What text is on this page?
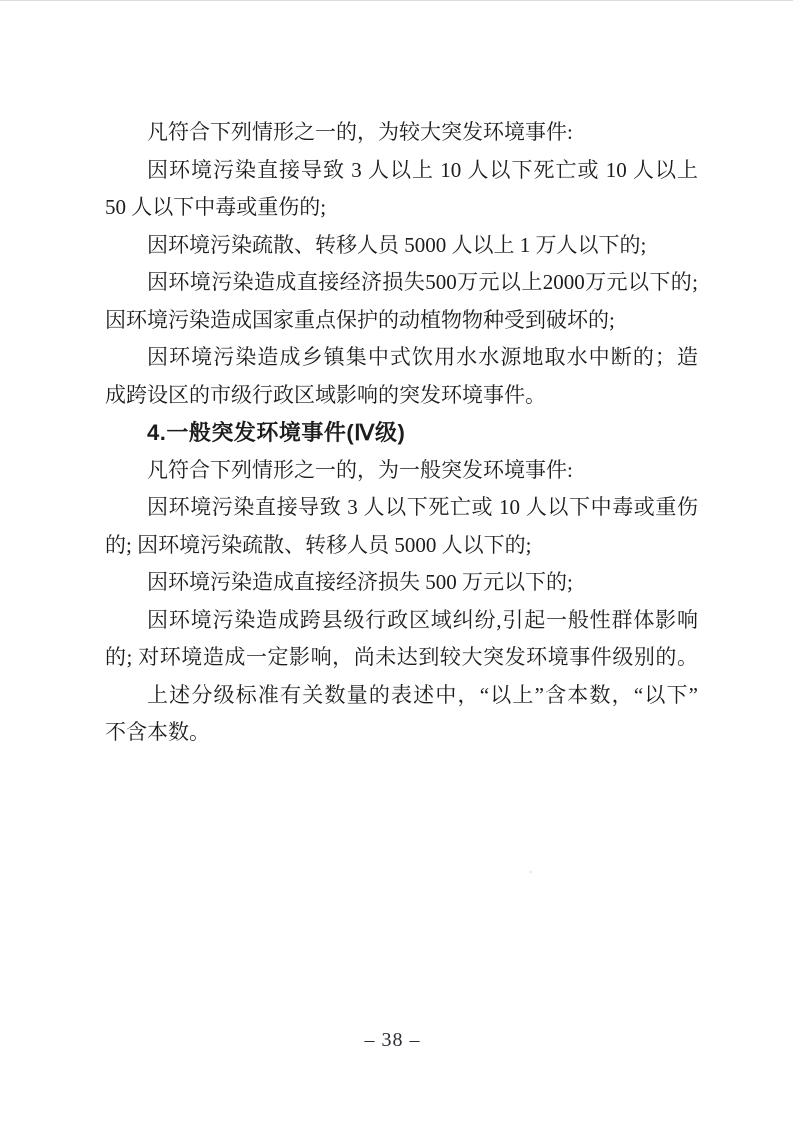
凡符合下列情形之一的，为较大突发环境事件:
因环境污染直接导致 3 人以上 10 人以下死亡或 10 人以上
50 人以下中毒或重伤的;
因环境污染疏散、转移人员 5000 人以上 1 万人以下的;
因环境污染造成直接经济损失500万元以上2000万元以下的;
因环境污染造成国家重点保护的动植物物种受到破坏的;
因环境污染造成乡镇集中式饮用水水源地取水中断的；造
成跨设区的市级行政区域影响的突发环境事件。
4.一般突发环境事件(Ⅳ级)
凡符合下列情形之一的，为一般突发环境事件:
因环境污染直接导致 3 人以下死亡或 10 人以下中毒或重伤
的; 因环境污染疏散、转移人员 5000 人以下的;
因环境污染造成直接经济损失 500 万元以下的;
因环境污染造成跨县级行政区域纠纷,引起一般性群体影响
的; 对环境造成一定影响，尚未达到较大突发环境事件级别的。
上述分级标准有关数量的表述中，“以上”含本数，“以下”
不含本数。
– 38 –
